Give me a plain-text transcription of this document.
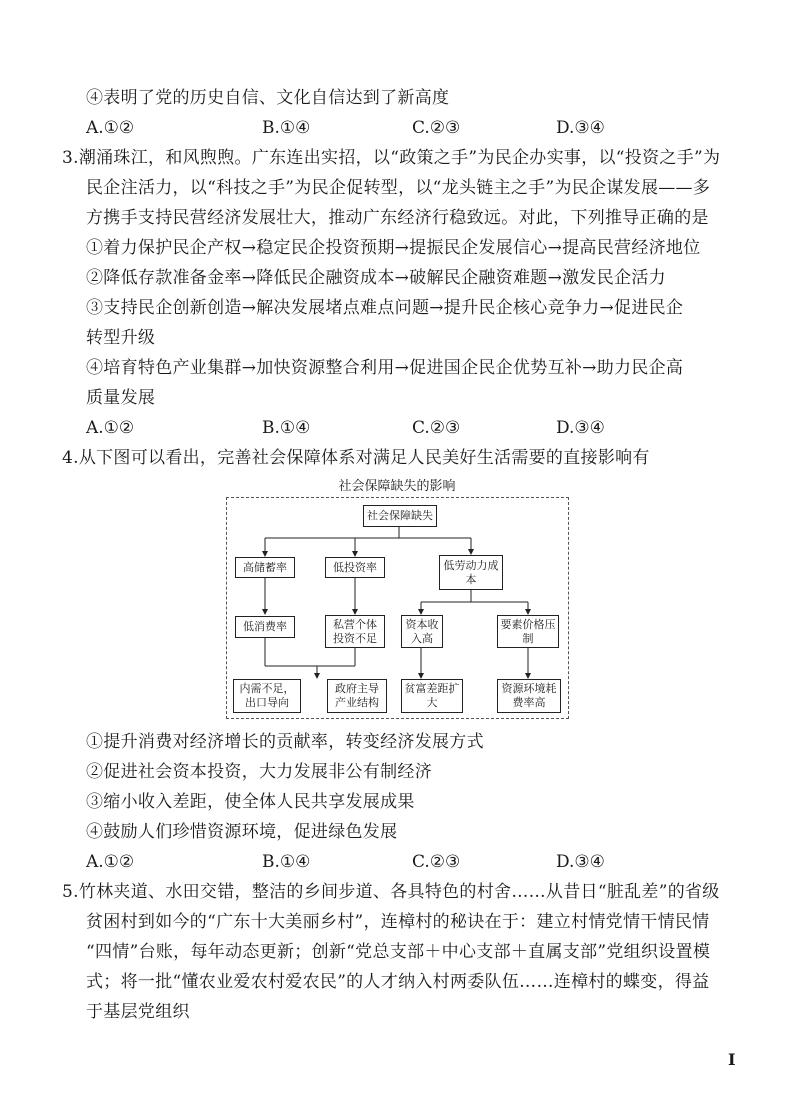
④表明了党的历史自信、文化自信达到了新高度
A.①②	B.①④	C.②③	D.③④
3.潮涌珠江，和风煦煦。广东连出实招，以“政策之手”为民企办实事，以“投资之手”为
民企注活力，以“科技之手”为民企促转型，以“龙头链主之手”为民企谋发展——多
方携手支持民营经济发展壮大，推动广东经济行稳致远。对此，下列推导正确的是
①着力保护民企产权→稳定民企投资预期→提振民企发展信心→提高民营经济地位
②降低存款准备金率→降低民企融资成本→破解民企融资难题→激发民企活力
③支持民企创新创造→解决发展堵点难点问题→提升民企核心竞争力→促进民企
转型升级
④培育特色产业集群→加快资源整合利用→促进国企民企优势互补→助力民企高
质量发展
A.①②	B.①④	C.②③	D.③④
4.从下图可以看出，完善社会保障体系对满足人民美好生活需要的直接影响有
社会保障缺失的影响
社会保障缺失
高储蓄率	低投资率	低劳动力成本
低消费率	私营个体投资不足
资本收入高
要素价格压制
内需不足，出口导向
政府主导产业结构
贫富差距扩大
资源环境耗费率高
①提升消费对经济增长的贡献率，转变经济发展方式
②促进社会资本投资，大力发展非公有制经济
③缩小收入差距，使全体人民共享发展成果
④鼓励人们珍惜资源环境，促进绿色发展
A.①②	B.①④	C.②③	D.③④
5.竹林夹道、水田交错，整洁的乡间步道、各具特色的村舍……从昔日“脏乱差”的省级
贫困村到如今的“广东十大美丽乡村”，连樟村的秘诀在于：建立村情党情干情民情
“四情”台账，每年动态更新；创新“党总支部＋中心支部＋直属支部”党组织设置模
式；将一批“懂农业爱农村爱农民”的人才纳入村两委队伍……连樟村的蝶变，得益
于基层党组织
I
